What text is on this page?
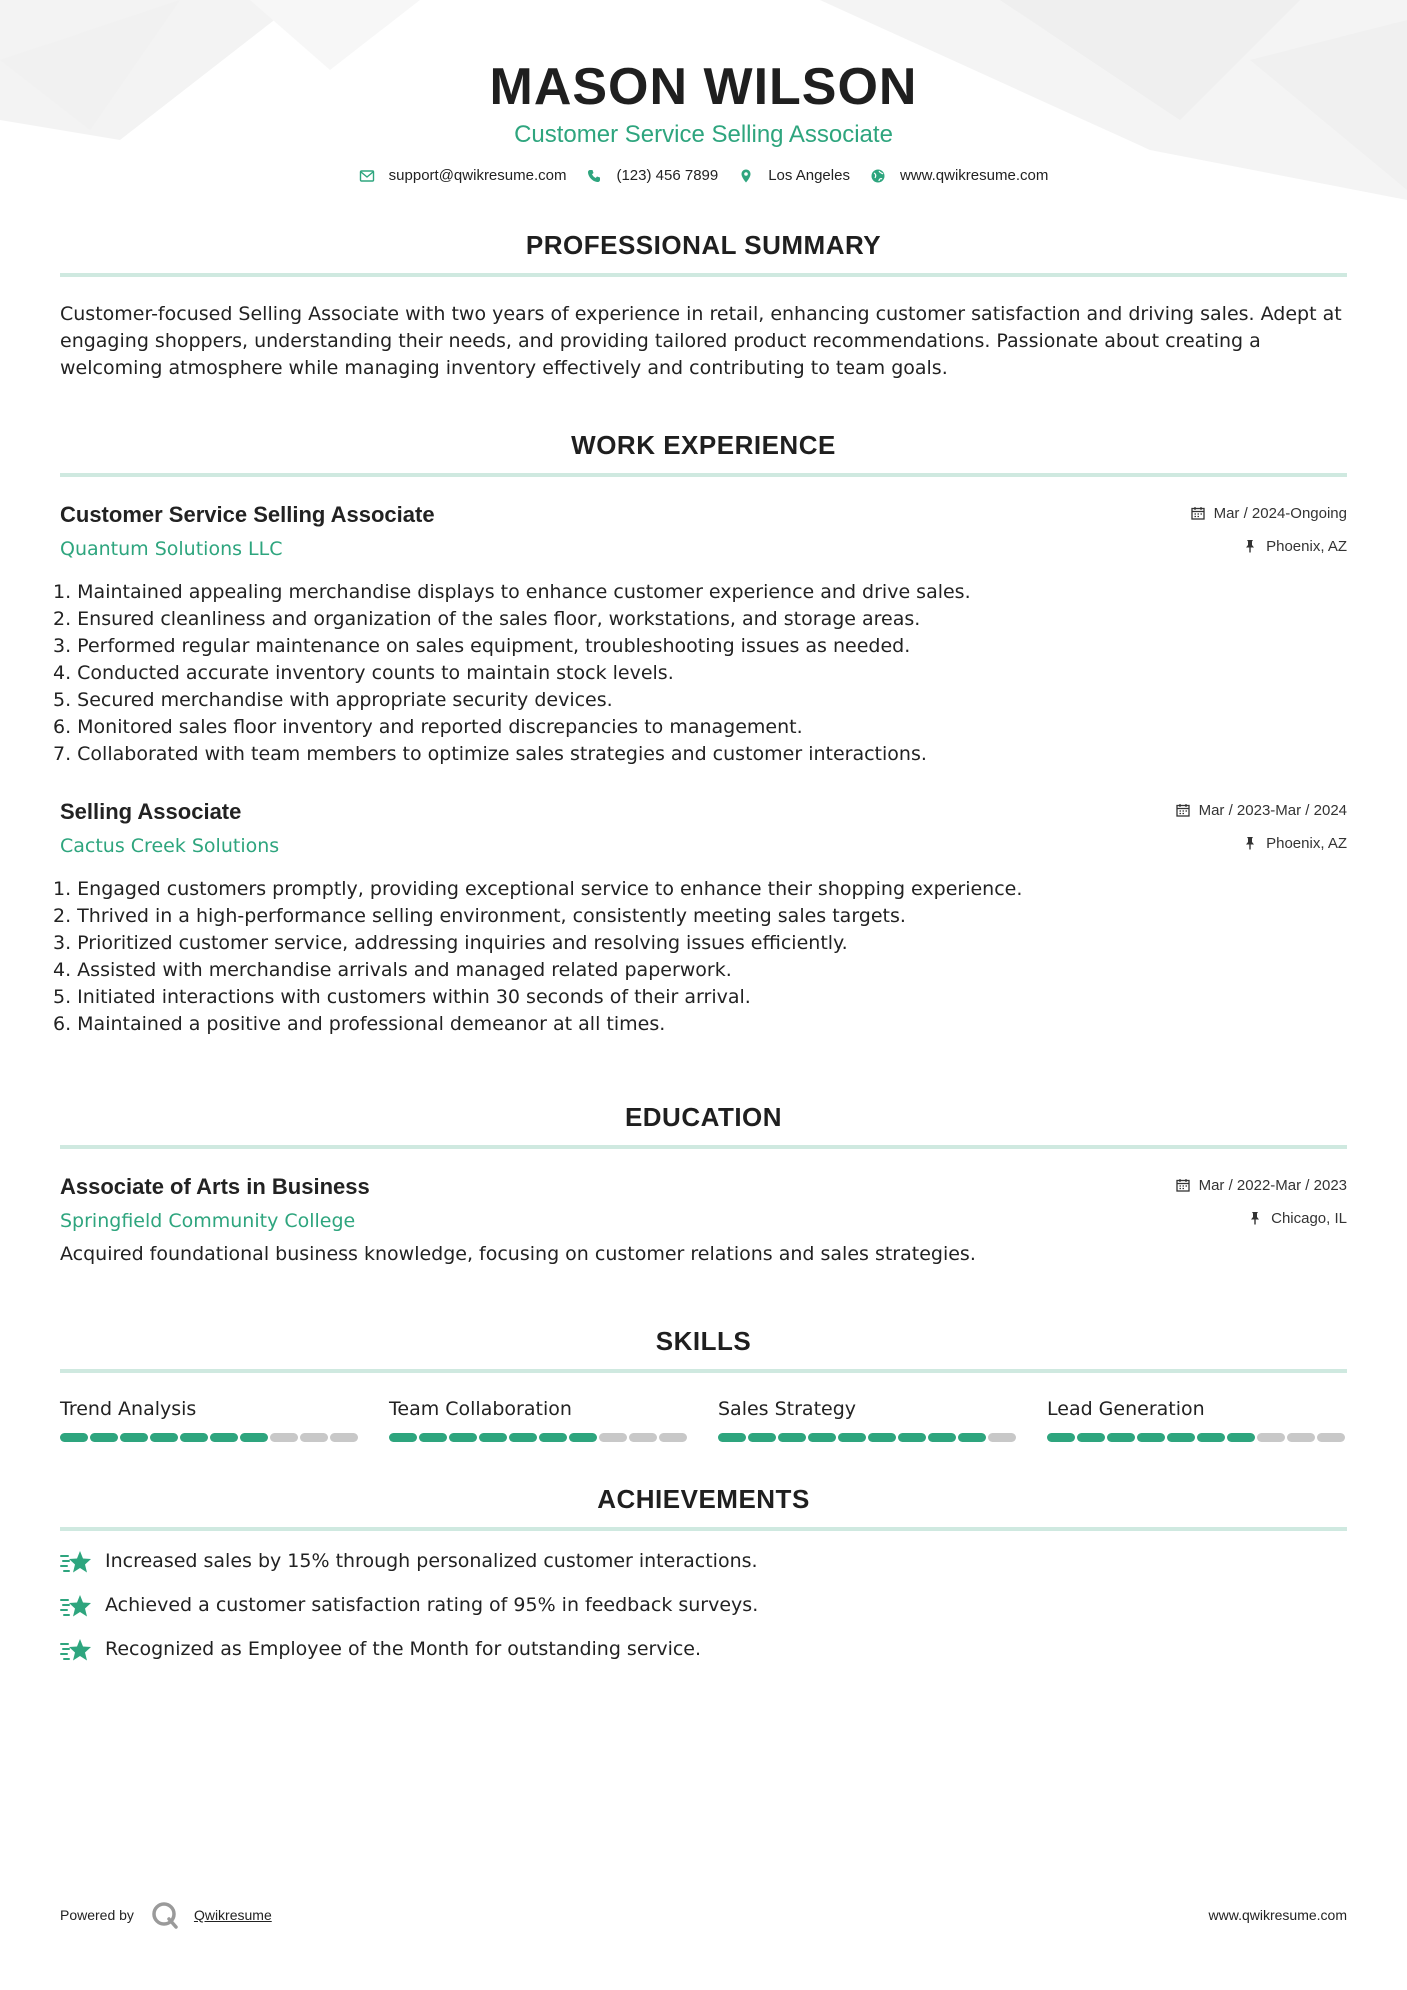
MASON WILSON
Customer Service Selling Associate
support@qwikresume.com	(123) 456 7899	Los Angeles	www.qwikresume.com
PROFESSIONAL SUMMARY

Customer-focused Selling Associate with two years of experience in retail, enhancing customer satisfaction and driving sales. Adept at engaging shoppers, understanding their needs, and providing tailored product recommendations. Passionate about creating a welcoming atmosphere while managing inventory effectively and contributing to team goals.

WORK EXPERIENCE
Customer Service Selling Associate
Quantum Solutions LLC
Mar / 2024-Ongoing
Phoenix, AZ
1. Maintained appealing merchandise displays to enhance customer experience and drive sales.
2. Ensured cleanliness and organization of the sales floor, workstations, and storage areas.
3. Performed regular maintenance on sales equipment, troubleshooting issues as needed.
4. Conducted accurate inventory counts to maintain stock levels.
5. Secured merchandise with appropriate security devices.
6. Monitored sales floor inventory and reported discrepancies to management.
7. Collaborated with team members to optimize sales strategies and customer interactions.
Selling Associate
Cactus Creek Solutions
Mar / 2023-Mar / 2024
Phoenix, AZ
1. Engaged customers promptly, providing exceptional service to enhance their shopping experience.
2. Thrived in a high-performance selling environment, consistently meeting sales targets.
3. Prioritized customer service, addressing inquiries and resolving issues efficiently.
4. Assisted with merchandise arrivals and managed related paperwork.
5. Initiated interactions with customers within 30 seconds of their arrival.
6. Maintained a positive and professional demeanor at all times.
EDUCATION
Associate of Arts in Business
Springfield Community College
Mar / 2022-Mar / 2023
Chicago, IL

Acquired foundational business knowledge, focusing on customer relations and sales strategies.

SKILLS
Trend Analysis	Team Collaboration	Sales Strategy	Lead Generation
ACHIEVEMENTS
Increased sales by 15% through personalized customer interactions.
Achieved a customer satisfaction rating of 95% in feedback surveys.
Recognized as Employee of the Month for outstanding service.
Powered by	Qwikresume	www.qwikresume.com
